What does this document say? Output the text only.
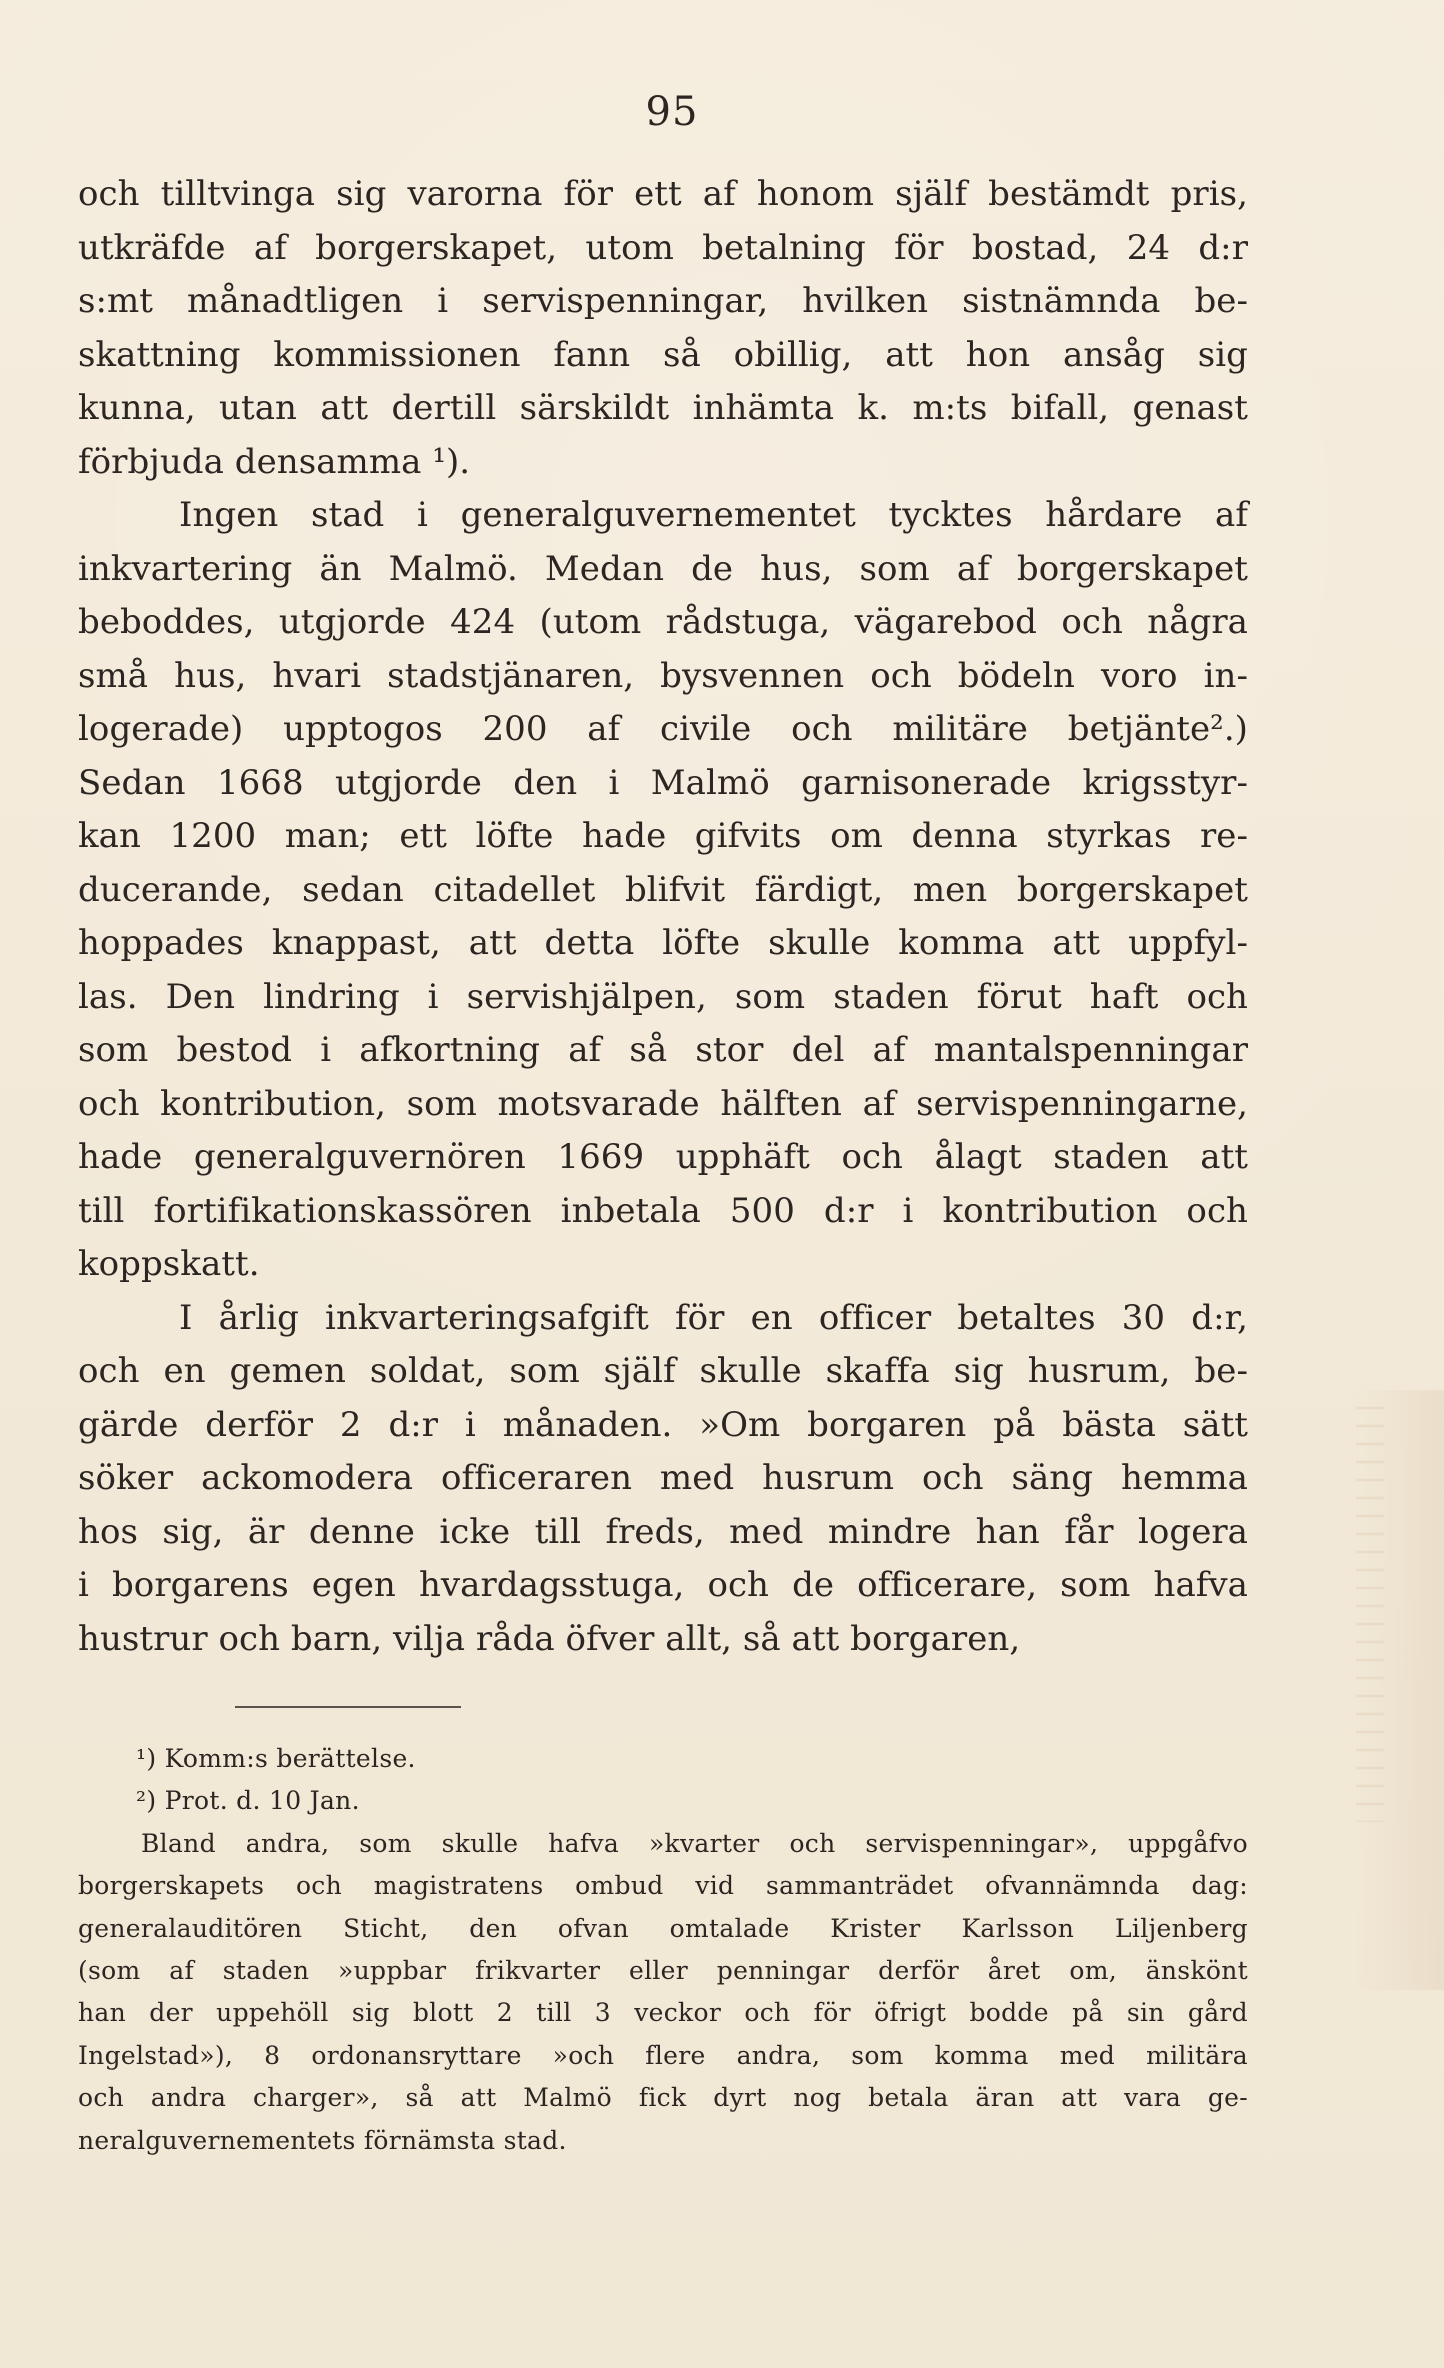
95
och tilltvinga sig varorna för ett af honom själf bestämdt pris,
utkräfde af borgerskapet, utom betalning för bostad, 24 d:r
s:mt månadtligen i servispenningar, hvilken sistnämnda be-
skattning kommissionen fann så obillig, att hon ansåg sig
kunna, utan att dertill särskildt inhämta k. m:ts bifall, genast
förbjuda densamma ¹).
Ingen stad i generalguvernementet tycktes hårdare af
inkvartering än Malmö. Medan de hus, som af borgerskapet
beboddes, utgjorde 424 (utom rådstuga, vägarebod och några
små hus, hvari stadstjänaren, bysvennen och bödeln voro in-
logerade) upptogos 200 af civile och militäre betjänte².)
Sedan 1668 utgjorde den i Malmö garnisonerade krigsstyr-
kan 1200 man; ett löfte hade gifvits om denna styrkas re-
ducerande, sedan citadellet blifvit färdigt, men borgerskapet
hoppades knappast, att detta löfte skulle komma att uppfyl-
las. Den lindring i servishjälpen, som staden förut haft och
som bestod i afkortning af så stor del af mantalspenningar
och kontribution, som motsvarade hälften af servispenningarne,
hade generalguvernören 1669 upphäft och ålagt staden att
till fortifikationskassören inbetala 500 d:r i kontribution och
koppskatt.
I årlig inkvarteringsafgift för en officer betaltes 30 d:r,
och en gemen soldat, som själf skulle skaffa sig husrum, be-
gärde derför 2 d:r i månaden. »Om borgaren på bästa sätt
söker ackomodera officeraren med husrum och säng hemma
hos sig, är denne icke till freds, med mindre han får logera
i borgarens egen hvardagsstuga, och de officerare, som hafva
hustrur och barn, vilja råda öfver allt, så att borgaren,
¹) Komm:s berättelse.
²) Prot. d. 10 Jan.
Bland andra, som skulle hafva »kvarter och servispenningar», uppgåfvo
borgerskapets och magistratens ombud vid sammanträdet ofvannämnda dag:
generalauditören Sticht, den ofvan omtalade Krister Karlsson Liljenberg
(som af staden »uppbar frikvarter eller penningar derför året om, änskönt
han der uppehöll sig blott 2 till 3 veckor och för öfrigt bodde på sin gård
Ingelstad»), 8 ordonansryttare »och flere andra, som komma med militära
och andra charger», så att Malmö fick dyrt nog betala äran att vara ge-
neralguvernementets förnämsta stad.
